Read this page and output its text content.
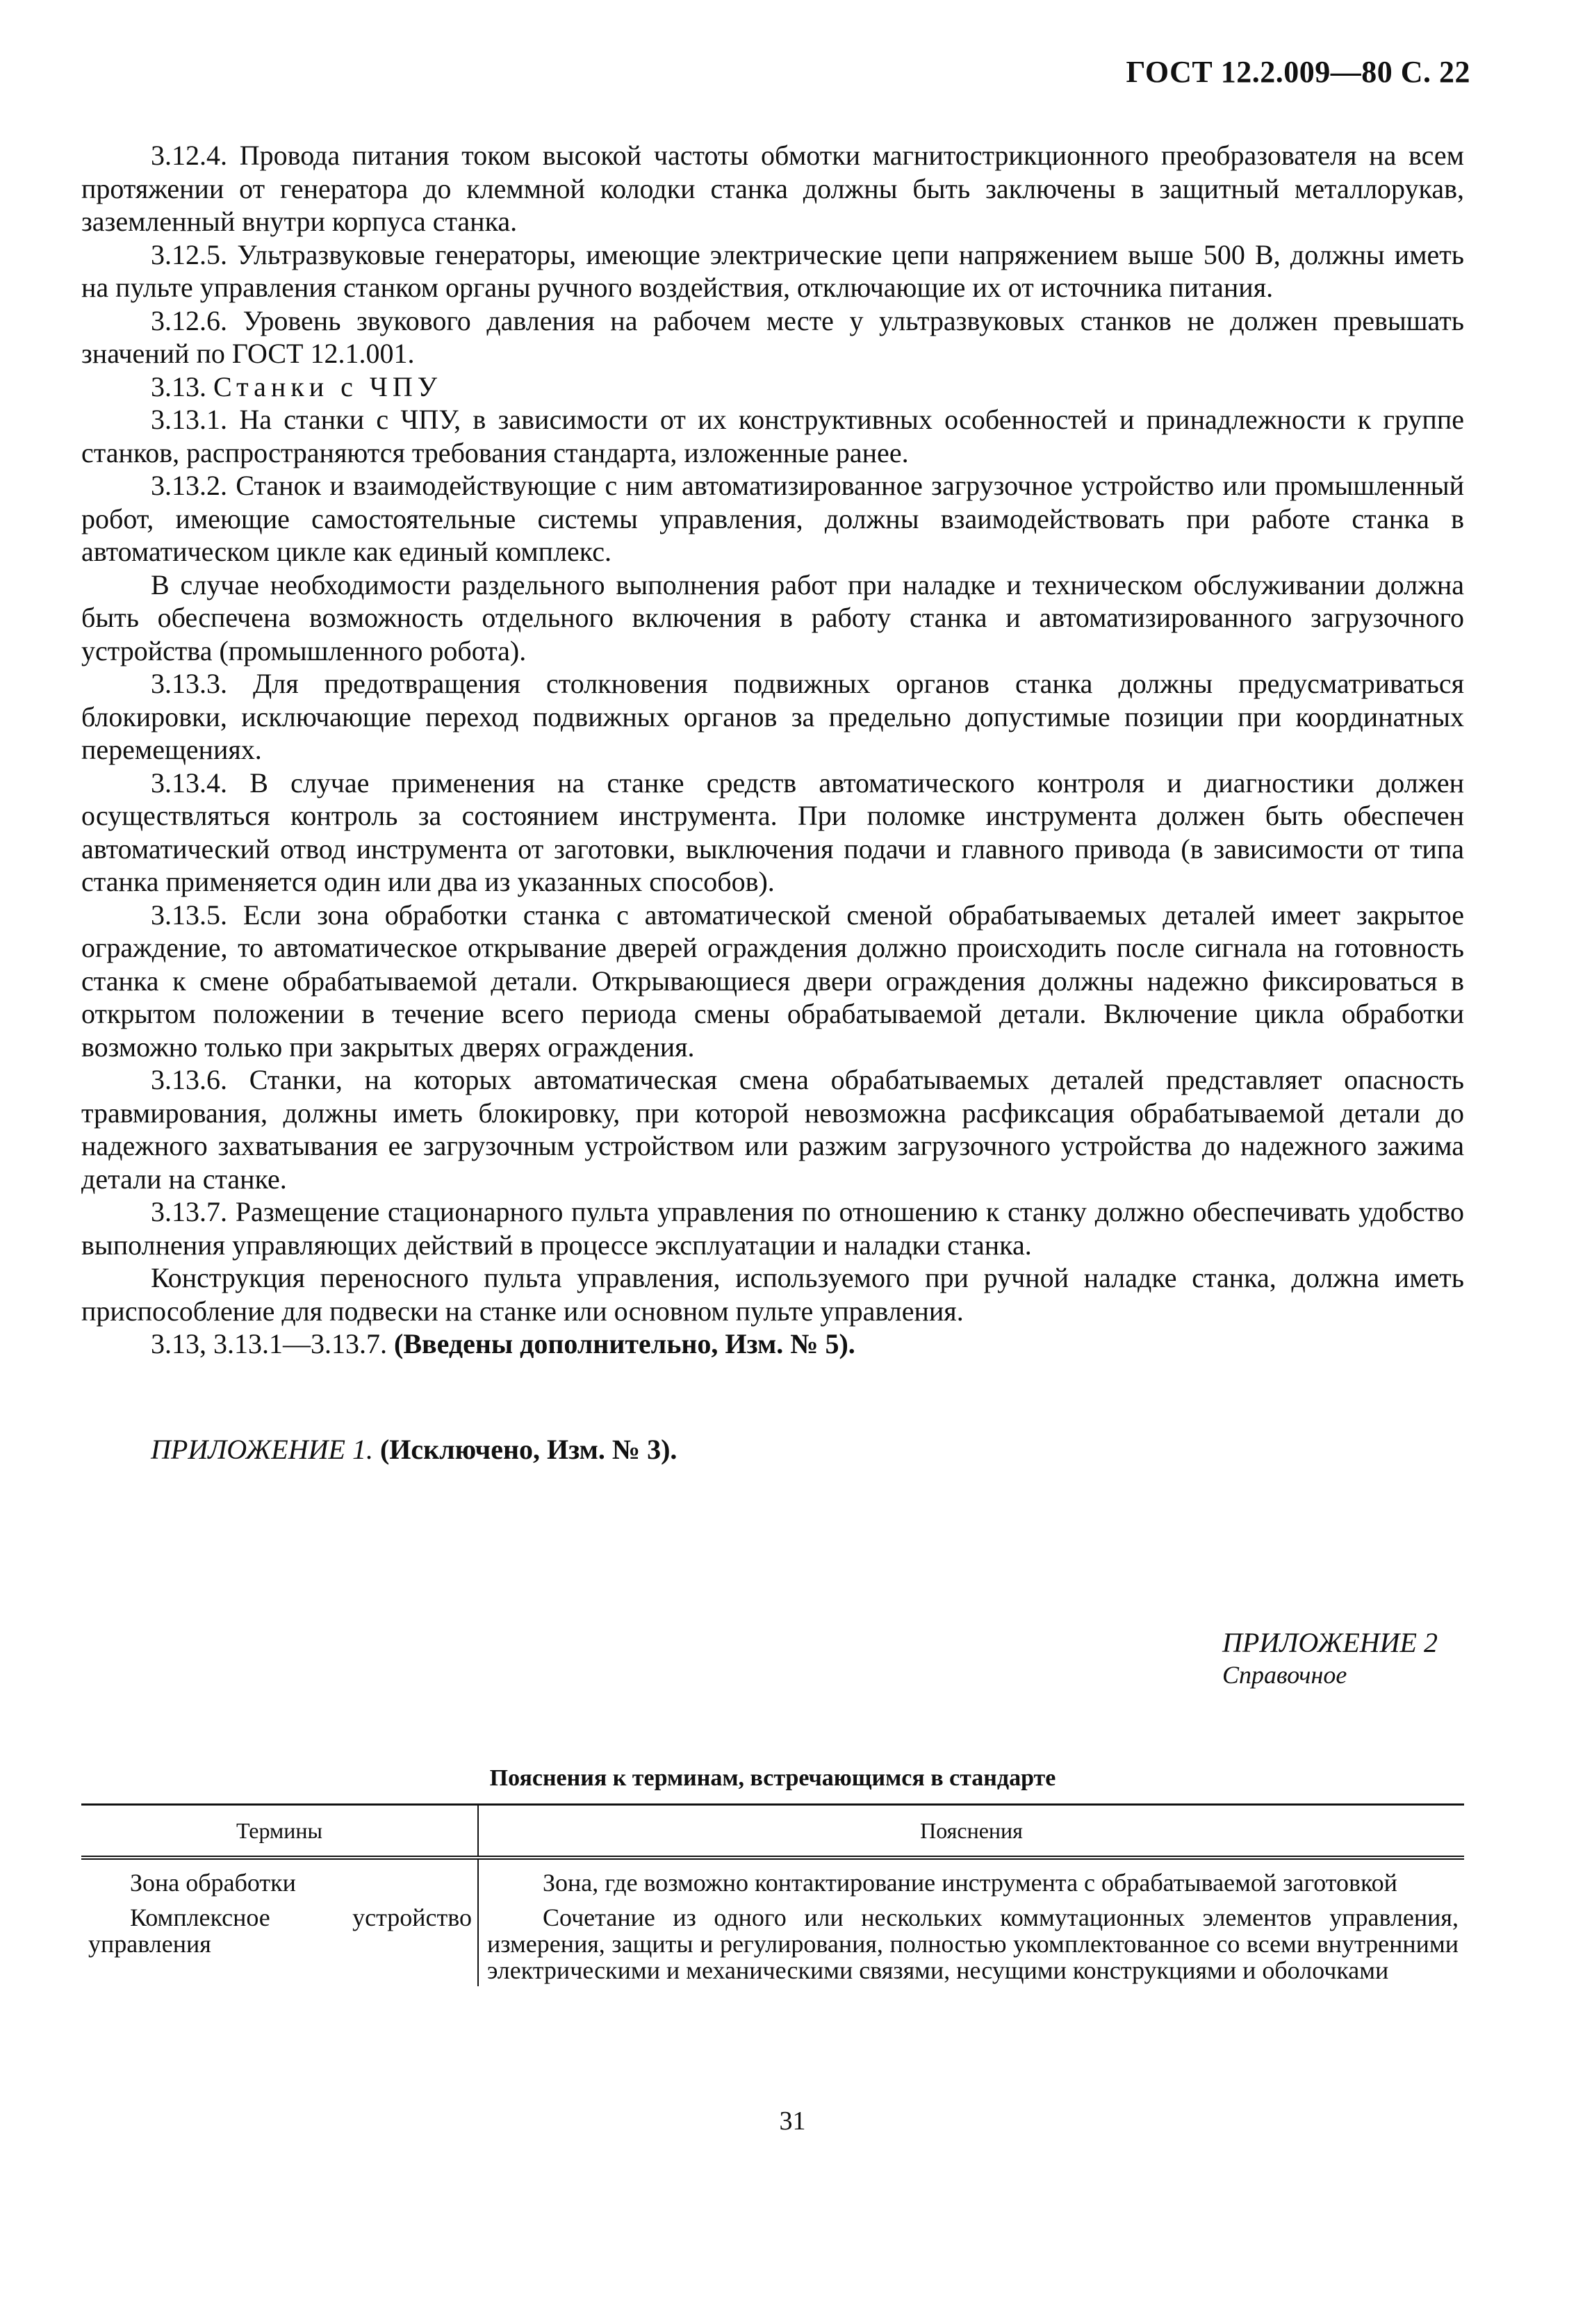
ГОСТ 12.2.009—80 С. 22

3.12.4. Провода питания током высокой частоты обмотки магнитострикционного преобразователя на всем протяжении от генератора до клеммной колодки станка должны быть заключены в защитный металлорукав, заземленный внутри корпуса станка.

3.12.5. Ультразвуковые генераторы, имеющие электрические цепи напряжением выше 500 В, должны иметь на пульте управления станком органы ручного воздействия, отключающие их от источника питания.

3.12.6. Уровень звукового давления на рабочем месте у ультразвуковых станков не должен превышать значений по ГОСТ 12.1.001.

3.13. Станки с ЧПУ

3.13.1. На станки с ЧПУ, в зависимости от их конструктивных особенностей и принадлежности к группе станков, распространяются требования стандарта, изложенные ранее.

3.13.2. Станок и взаимодействующие с ним автоматизированное загрузочное устройство или промышленный робот, имеющие самостоятельные системы управления, должны взаимодействовать при работе станка в автоматическом цикле как единый комплекс.

В случае необходимости раздельного выполнения работ при наладке и техническом обслуживании должна быть обеспечена возможность отдельного включения в работу станка и автоматизированного загрузочного устройства (промышленного робота).

3.13.3. Для предотвращения столкновения подвижных органов станка должны предусматриваться блокировки, исключающие переход подвижных органов за предельно допустимые позиции при координатных перемещениях.

3.13.4. В случае применения на станке средств автоматического контроля и диагностики должен осуществляться контроль за состоянием инструмента. При поломке инструмента должен быть обеспечен автоматический отвод инструмента от заготовки, выключения подачи и главного привода (в зависимости от типа станка применяется один или два из указанных способов).

3.13.5. Если зона обработки станка с автоматической сменой обрабатываемых деталей имеет закрытое ограждение, то автоматическое открывание дверей ограждения должно происходить после сигнала на готовность станка к смене обрабатываемой детали. Открывающиеся двери ограждения должны надежно фиксироваться в открытом положении в течение всего периода смены обрабатываемой детали. Включение цикла обработки возможно только при закрытых дверях ограждения.

3.13.6. Станки, на которых автоматическая смена обрабатываемых деталей представляет опасность травмирования, должны иметь блокировку, при которой невозможна расфиксация обрабатываемой детали до надежного захватывания ее загрузочным устройством или разжим загрузочного устройства до надежного зажима детали на станке.

3.13.7. Размещение стационарного пульта управления по отношению к станку должно обеспечивать удобство выполнения управляющих действий в процессе эксплуатации и наладки станка.

Конструкция переносного пульта управления, используемого при ручной наладке станка, должна иметь приспособление для подвески на станке или основном пульте управления.

3.13, 3.13.1—3.13.7. (Введены дополнительно, Изм. № 5).

ПРИЛОЖЕНИЕ 1. (Исключено, Изм. № 3).
ПРИЛОЖЕНИЕ 2
Справочное
Пояснения к терминам, встречающимся в стандарте
Термины	Пояснения
Зона обработки	Зона, где возможно контактирование инструмента с обрабатываемой заготовкой
Комплексное устройство управления	Сочетание из одного или нескольких коммутационных элементов управления, измерения, защиты и регулирования, полностью укомплектованное со всеми внутренними электрическими и механическими связями, несущими конструкциями и оболочками
31
